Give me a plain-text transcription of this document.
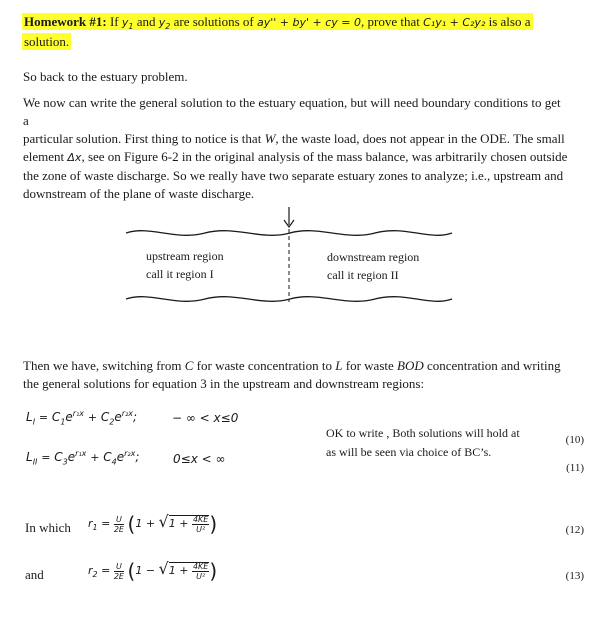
Homework #1: If $y_1$ and $y_2$ are solutions of ay'' + by' + cy = 0, prove that C₁y₁ + C₂y₂ is also a
solution.
So back to the estuary problem.
We now can write the general solution to the estuary equation, but will need boundary conditions to get a
particular solution. First thing to notice is that W, the waste load, does not appear in the ODE. The small
element Δx, see on Figure 6-2 in the original analysis of the mass balance, was arbitrarily chosen outside
the zone of waste discharge. So we really have two separate estuary zones to analyze; i.e., upstream and
downstream of the plane of waste discharge.
upstream region
call it region I
downstream region
call it region II
Then we have, switching from C for waste concentration to L for waste BOD concentration and writing
the general solutions for equation 3 in the upstream and downstream regions:
$L_I = C_1e^{r_1x} + C_2e^{r_2x}$;	− ∞ < x≤0
OK to write , Both solutions will hold at
as will be seen via choice of BC’s.
(10)
$L_{II} = C_3e^{r_1x} + C_4e^{r_2x}$;	0≤x < ∞
(11)
In which $r_1 = \frac{U}{2E} (1 + √1 + \frac{4KE}{\text{U²}}$ )	(12)
and	$r_2 = \frac{U}{2E} (1 - √1 + \frac{4KE}{\text{U²}}$ )	(13)
